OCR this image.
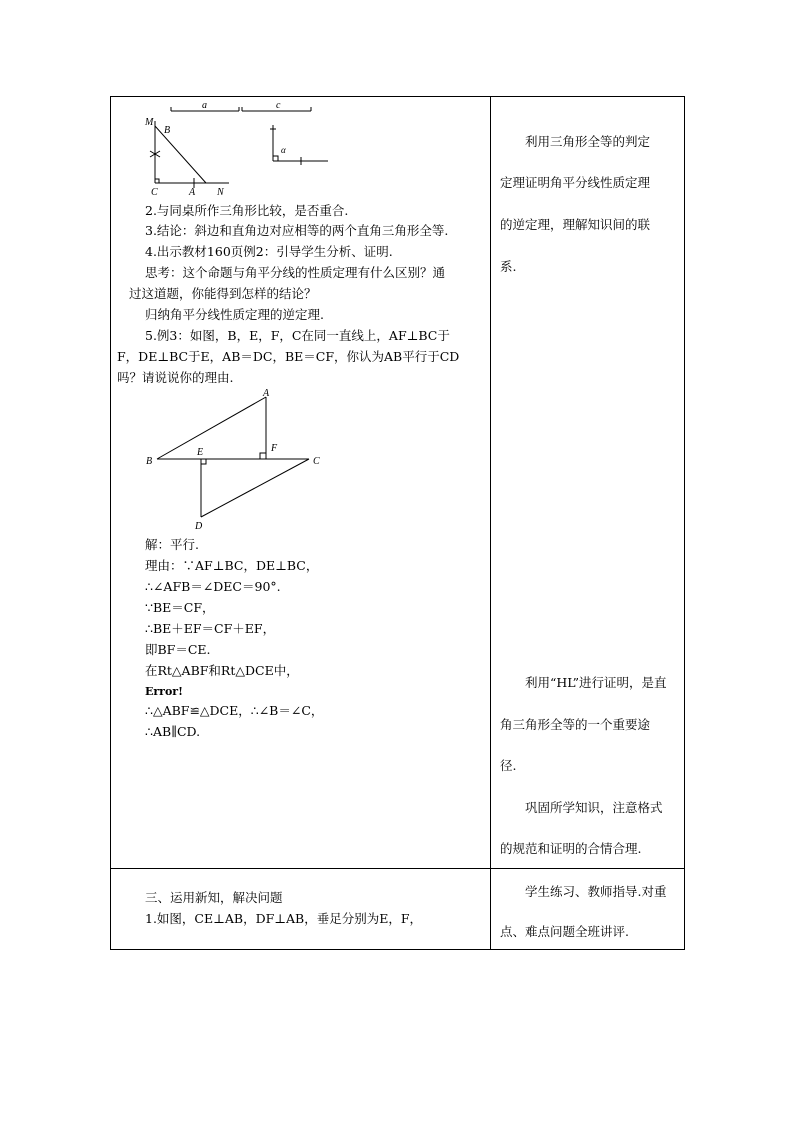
M
B
C	A N
a	c
α
2.与同桌所作三角形比较，是否重合.
3.结论：斜边和直角边对应相等的两个直角三角形全等.
4.出示教材160页例2：引导学生分析、证明.
思考：这个命题与角平分线的性质定理有什么区别？通
过这道题，你能得到怎样的结论？
归纳角平分线性质定理的逆定理.
5.例3：如图，B，E，F，C在同一直线上，AF⊥BC于
F，DE⊥BC于E，AB＝DC，BE＝CF，你认为AB平行于CD
吗？请说说你的理由.
A
B	C
D
E	F
解：平行.
理由：∵AF⊥BC，DE⊥BC，
∴∠AFB＝∠DEC＝90°.
∵BE＝CF，
∴BE＋EF＝CF＋EF，
即BF＝CE.
在Rt△ABF和Rt△DCE中，
Error!
∴△ABF≌△DCE，∴∠B＝∠C，
∴AB∥CD.
三、运用新知，解决问题
1.如图，CE⊥AB，DF⊥AB，垂足分别为E，F，
利用三角形全等的判定
定理证明角平分线性质定理
的逆定理，理解知识间的联
系.
利用“HL”进行证明，是直
角三角形全等的一个重要途
径.
巩固所学知识，注意格式
的规范和证明的合情合理.
学生练习、教师指导.对重
点、难点问题全班讲评.
